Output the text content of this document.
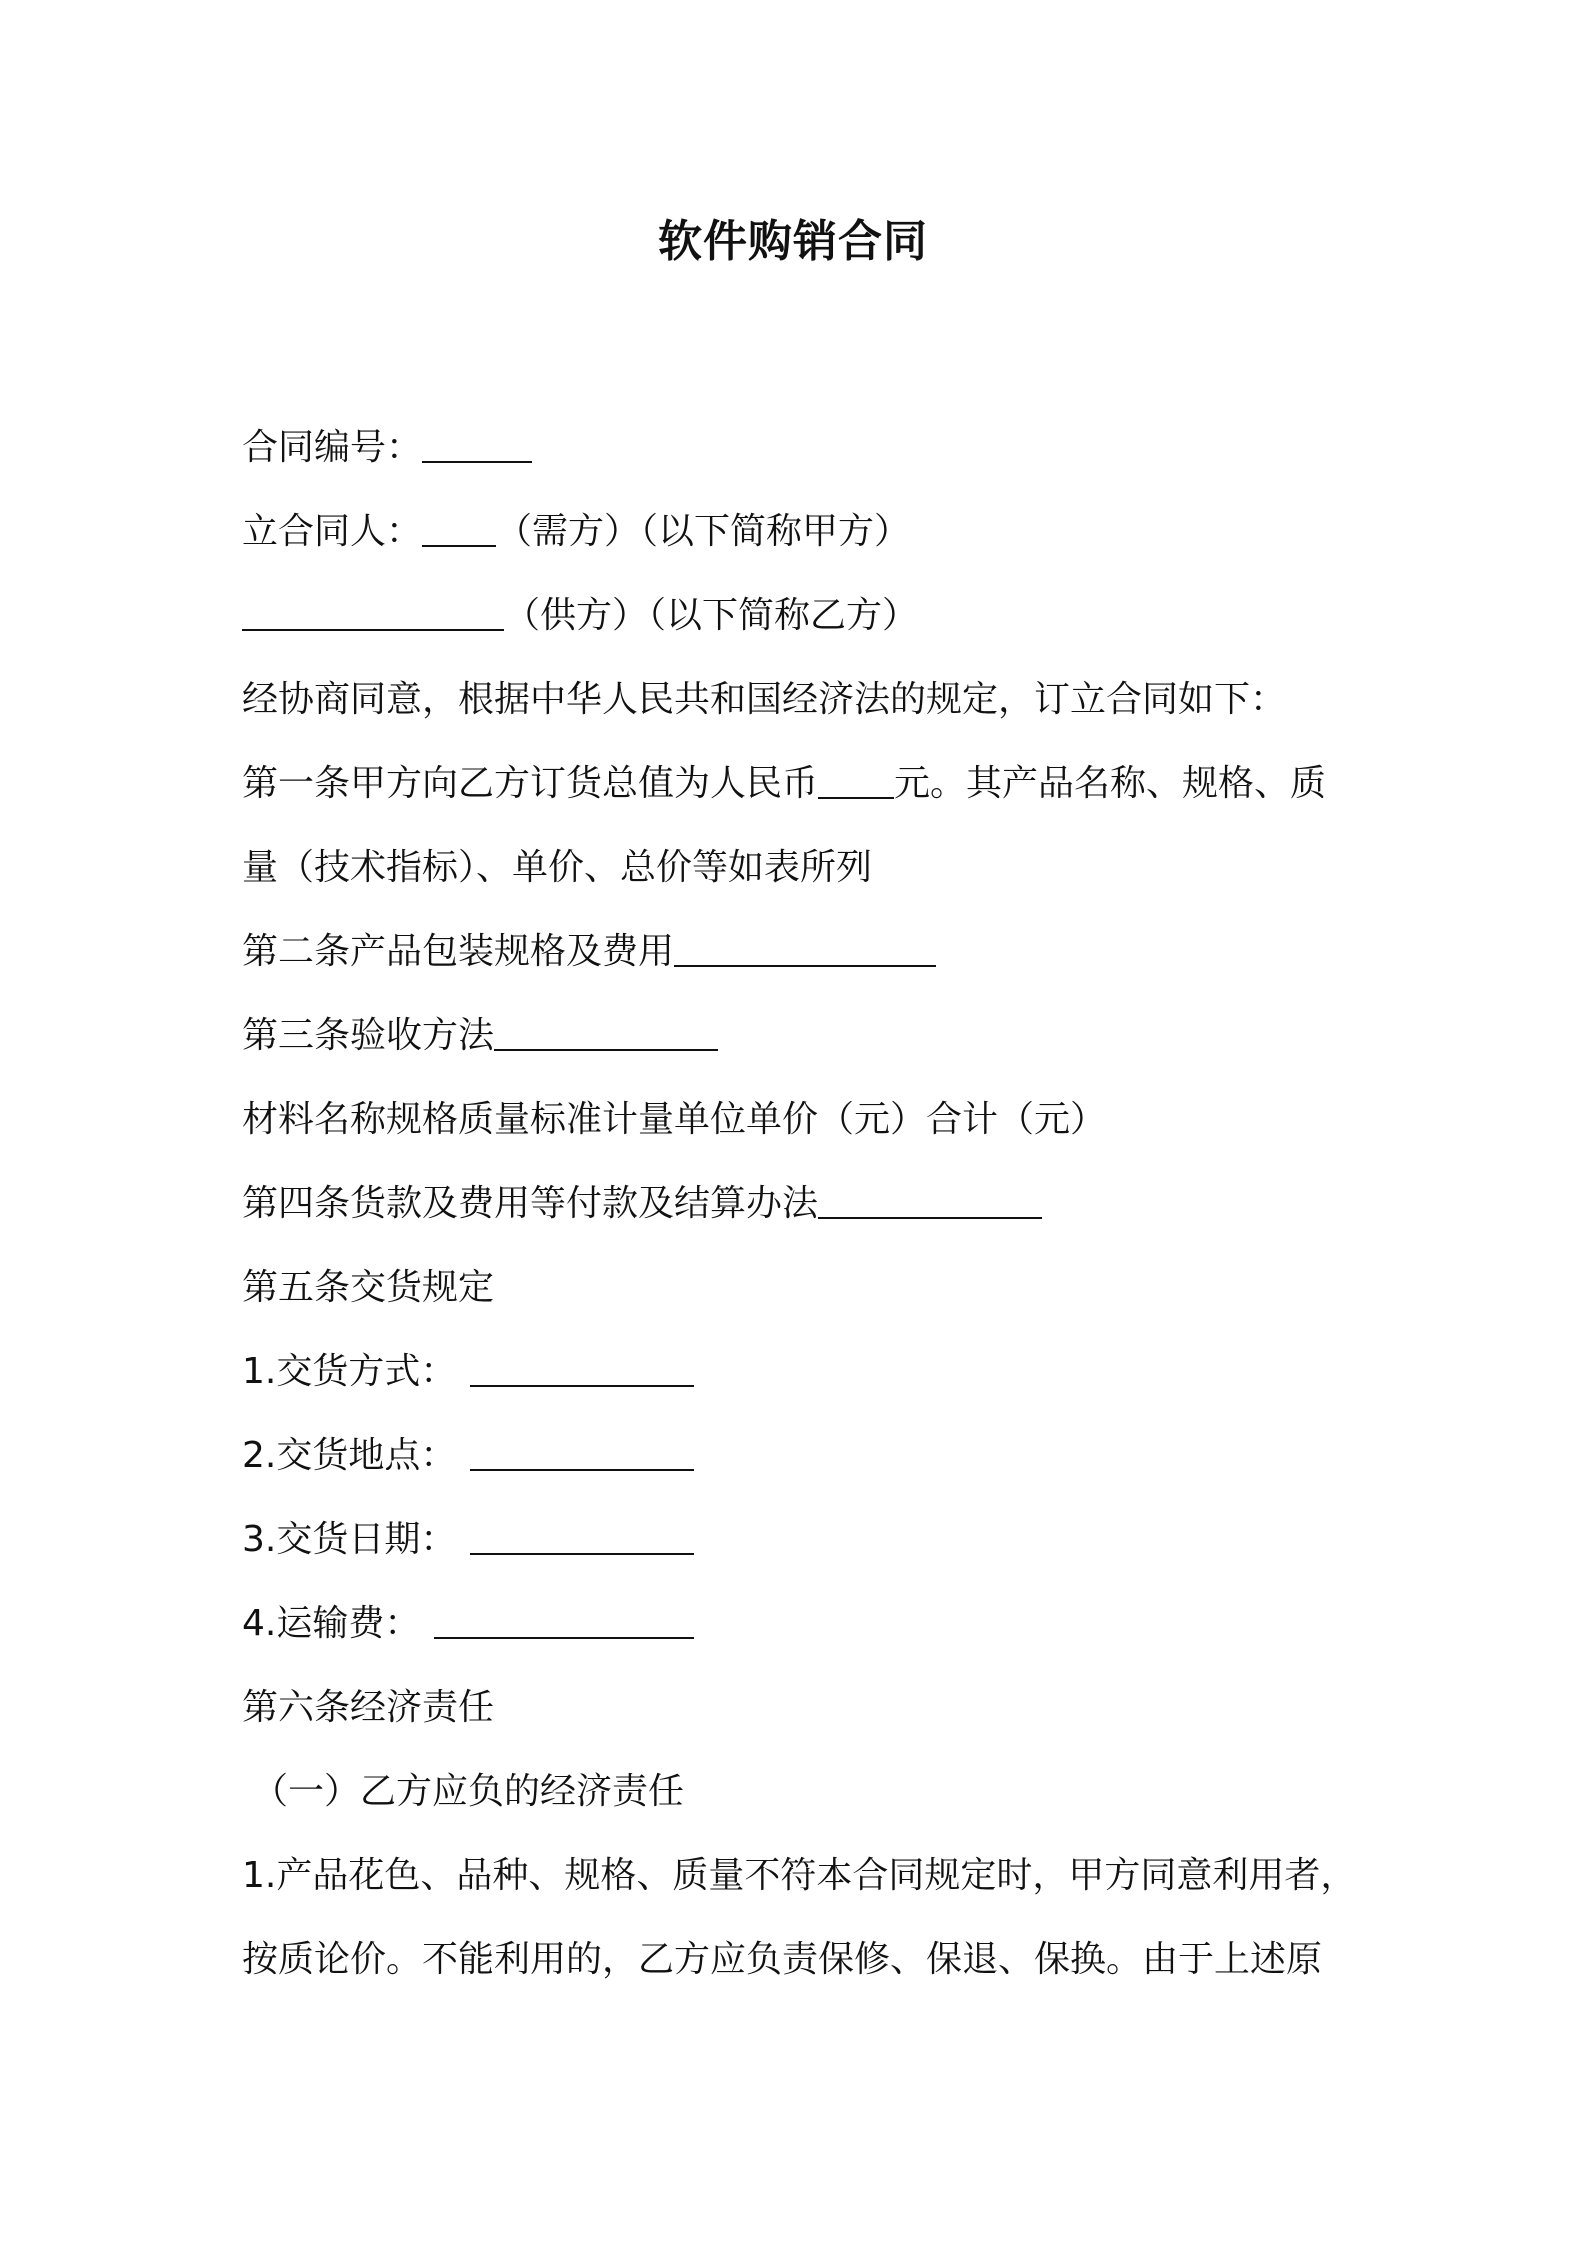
软件购销合同
合同编号：
立合同人： （需方）（以下简称甲方）
（供方）（以下简称乙方）
经协商同意，根据中华人民共和国经济法的规定，订立合同如下：
第一条甲方向乙方订货总值为人民币 元。其产品名称、规格、质
量（技术指标）、单价、总价等如表所列
第二条产品包装规格及费用
第三条验收方法
材料名称规格质量标准计量单位单价（元）合计（元）
第四条货款及费用等付款及结算办法
第五条交货规定
1.交货方式：
2.交货地点：
3.交货日期：
4.运输费：
第六条经济责任
（一）乙方应负的经济责任
1.产品花色、品种、规格、质量不符本合同规定时，甲方同意利用者，
按质论价。不能利用的，乙方应负责保修、保退、保换。由于上述原
